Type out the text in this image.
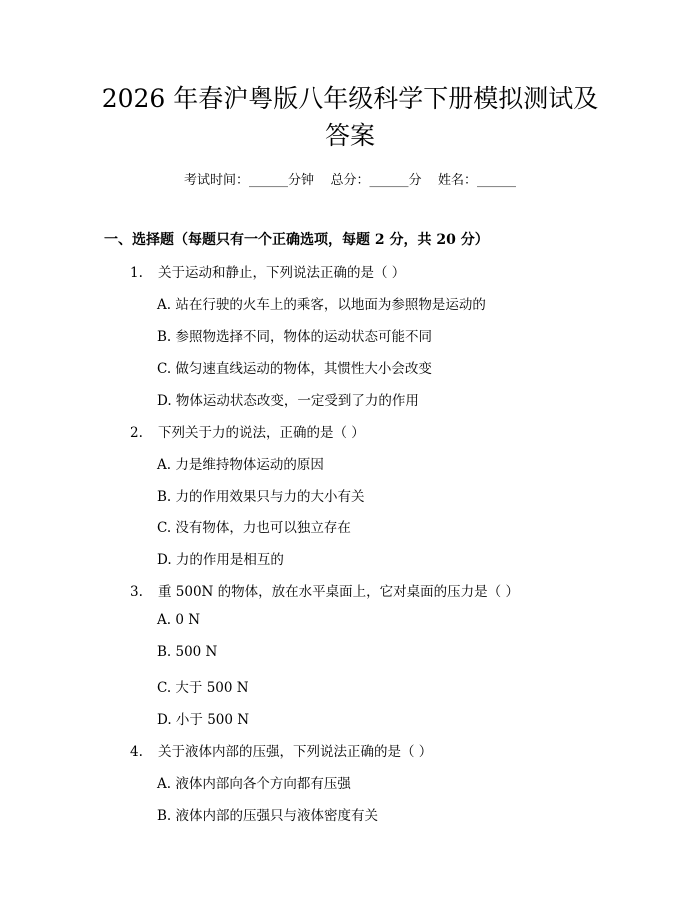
2026 年春沪粤版八年级科学下册模拟测试及
答案
考试时间：______分钟    总分：______分    姓名：______
一、选择题（每题只有一个正确选项，每题 2 分，共 20 分）
1. 关于运动和静止，下列说法正确的是（ ）
A. 站在行驶的火车上的乘客，以地面为参照物是运动的
B. 参照物选择不同，物体的运动状态可能不同
C. 做匀速直线运动的物体，其惯性大小会改变
D. 物体运动状态改变，一定受到了力的作用
2. 下列关于力的说法，正确的是（ ）
A. 力是维持物体运动的原因
B. 力的作用效果只与力的大小有关
C. 没有物体，力也可以独立存在
D. 力的作用是相互的
3. 重 500N 的物体，放在水平桌面上，它对桌面的压力是（ ）
A. 0 N
B. 500 N
C. 大于 500 N
D. 小于 500 N
4. 关于液体内部的压强，下列说法正确的是（ ）
A. 液体内部向各个方向都有压强
B. 液体内部的压强只与液体密度有关
